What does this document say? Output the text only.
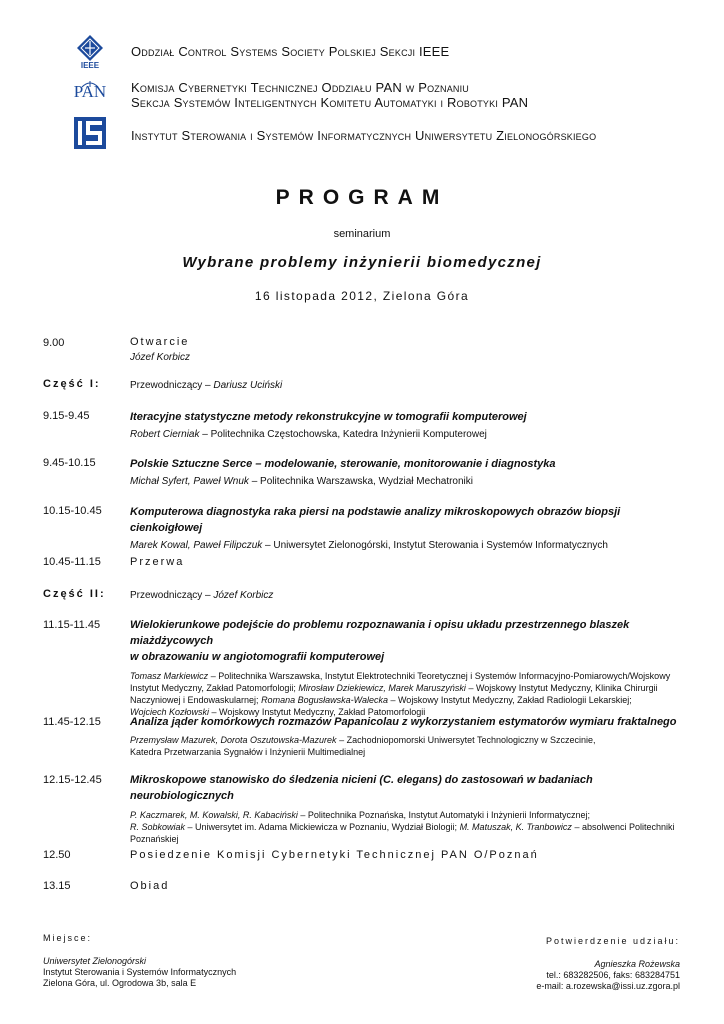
IEEE
PAN
Oddział Control Systems Society Polskiej Sekcji IEEE
Komisja Cybernetyki Technicznej Oddziału PAN w Poznaniu
Sekcja Systemów Inteligentnych Komitetu Automatyki i Robotyki PAN
Instytut Sterowania i Systemów Informatycznych Uniwersytetu Zielonogórskiego
PROGRAM
seminarium
Wybrane problemy inżynierii biomedycznej
16 listopada 2012, Zielona Góra
9.00	Otwarcie
Józef Korbicz
Część I:	Przewodniczący – Dariusz Uciński
9.15-9.45	Iteracyjne statystyczne metody rekonstrukcyjne w tomografii komputerowej
Robert Cierniak – Politechnika Częstochowska, Katedra Inżynierii Komputerowej
9.45-10.15	Polskie Sztuczne Serce – modelowanie, sterowanie, monitorowanie i diagnostyka
Michał Syfert, Paweł Wnuk – Politechnika Warszawska, Wydział Mechatroniki
10.15-10.45	Komputerowa diagnostyka raka piersi na podstawie analizy mikroskopowych obrazów biopsji cienkoigłowej
Marek Kowal, Paweł Filipczuk – Uniwersytet Zielonogórski, Instytut Sterowania i Systemów Informatycznych
10.45-11.15	Przerwa
Część II: Przewodniczący – Józef Korbicz
11.15-11.45	Wielokierunkowe podejście do problemu rozpoznawania i opisu układu przestrzennego blaszek miażdżycowych
w obrazowaniu w angiotomografii komputerowej
Tomasz Markiewicz – Politechnika Warszawska, Instytut Elektrotechniki Teoretycznej i Systemów Informacyjno-Pomiarowych/Wojskowy
Instytut Medyczny, Zakład Patomorfologii; Mirosław Dziekiewicz, Marek Maruszyński – Wojskowy Instytut Medyczny, Klinika Chirurgii
Naczyniowej i Endowaskularnej; Romana Bogusławska-Walecka – Wojskowy Instytut Medyczny, Zakład Radiologii Lekarskiej;
Wojciech Kozłowski – Wojskowy Instytut Medyczny, Zakład Patomorfologii
11.45-12.15	Analiza jąder komórkowych rozmazów Papanicolau z wykorzystaniem estymatorów wymiaru fraktalnego
Przemysław Mazurek, Dorota Oszutowska-Mazurek – Zachodniopomorski Uniwersytet Technologiczny w Szczecinie,
Katedra Przetwarzania Sygnałów i Inżynierii Multimedialnej
12.15-12.45	Mikroskopowe stanowisko do śledzenia nicieni (C. elegans) do zastosowań w badaniach neurobiologicznych
P. Kaczmarek, M. Kowalski, R. Kabaciński – Politechnika Poznańska, Instytut Automatyki i Inżynierii Informatycznej;
R. Sobkowiak – Uniwersytet im. Adama Mickiewicza w Poznaniu, Wydział Biologii; M. Matuszak, K. Tranbowicz – absolwenci Politechniki
Poznańskiej
12.50	Posiedzenie Komisji Cybernetyki Technicznej PAN O/Poznań
13.15	Obiad
Miejsce:
Uniwersytet Zielonogórski
Instytut Sterowania i Systemów Informatycznych
Zielona Góra, ul. Ogrodowa 3b, sala E
Potwierdzenie udziału:
Agnieszka Rożewska
tel.: 683282506, faks: 683284751
e-mail: a.rozewska@issi.uz.zgora.pl
